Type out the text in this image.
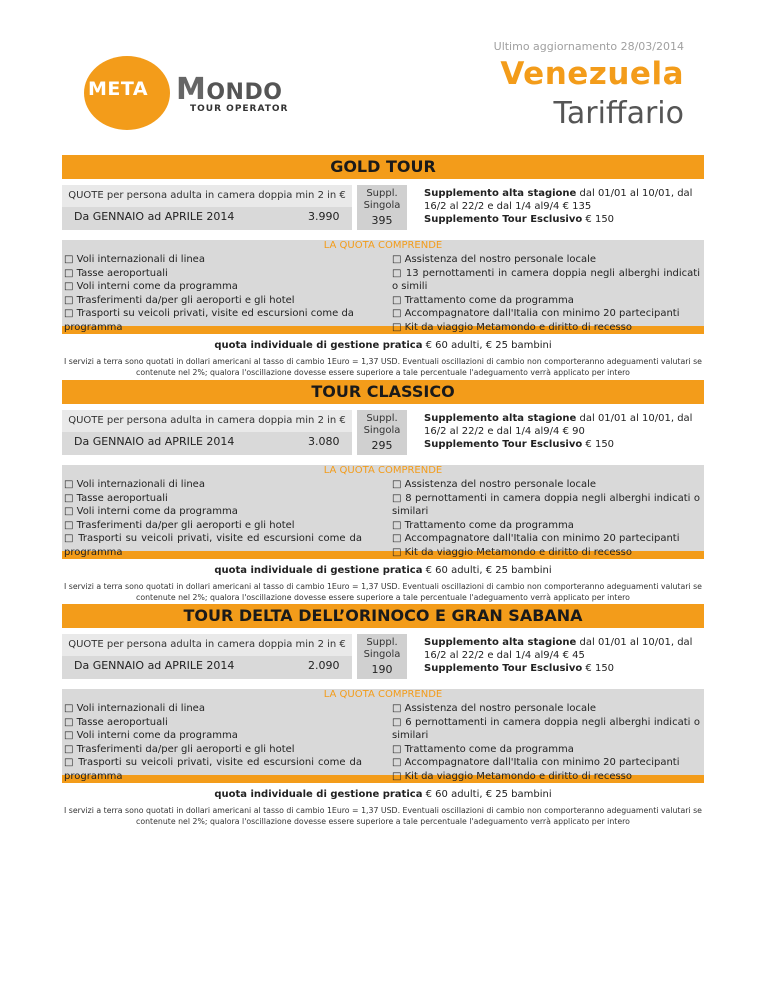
META MONDO
TOUR OPERATOR
Ultimo aggiornamento 28/03/2014
Venezuela
Tariffario
GOLD TOUR
QUOTE per persona adulta in camera doppia min 2 in €
Da GENNAIO ad APRILE 2014	3.990
Suppl. Singola
395
Supplemento alta stagione dal 01/01 al 10/01, dal 16/2 al 22/2 e dal 1/4 al9/4 € 135
Supplemento Tour Esclusivo € 150
LA QUOTA COMPRENDE

□ Voli internazionali di linea

□ Tasse aeroportuali

□ Voli interni come da programma

□ Trasferimenti da/per gli aeroporti e gli hotel

□ Trasporti su veicoli privati, visite ed escursioni come da programma

□ Assistenza del nostro personale locale

□ 13 pernottamenti in camera doppia negli alberghi indicati o simili

□ Trattamento come da programma

□ Accompagnatore dall'Italia con minimo 20 partecipanti

□ Kit da viaggio Metamondo e diritto di recesso

quota individuale di gestione pratica € 60 adulti, € 25 bambini
I servizi a terra sono quotati in dollari americani al tasso di cambio 1Euro = 1,37 USD. Eventuali oscillazioni di cambio non comporteranno adeguamenti valutari se contenute nel 2%; qualora l'oscillazione dovesse essere superiore a tale percentuale l'adeguamento verrà applicato per intero
TOUR CLASSICO
QUOTE per persona adulta in camera doppia min 2 in €
Da GENNAIO ad APRILE 2014	3.080
Suppl. Singola
295
Supplemento alta stagione dal 01/01 al 10/01, dal 16/2 al 22/2 e dal 1/4 al9/4 € 90
Supplemento Tour Esclusivo € 150
LA QUOTA COMPRENDE

□ Voli internazionali di linea

□ Tasse aeroportuali

□ Voli interni come da programma

□ Trasferimenti da/per gli aeroporti e gli hotel

□ Trasporti su veicoli privati, visite ed escursioni come da programma

□ Assistenza del nostro personale locale

□ 8 pernottamenti in camera doppia negli alberghi indicati o similari

□ Trattamento come da programma

□ Accompagnatore dall'Italia con minimo 20 partecipanti

□ Kit da viaggio Metamondo e diritto di recesso

quota individuale di gestione pratica € 60 adulti, € 25 bambini
I servizi a terra sono quotati in dollari americani al tasso di cambio 1Euro = 1,37 USD. Eventuali oscillazioni di cambio non comporteranno adeguamenti valutari se contenute nel 2%; qualora l'oscillazione dovesse essere superiore a tale percentuale l'adeguamento verrà applicato per intero
TOUR DELTA DELL’ORINOCO E GRAN SABANA
QUOTE per persona adulta in camera doppia min 2 in €
Da GENNAIO ad APRILE 2014	2.090
Suppl. Singola
190
Supplemento alta stagione dal 01/01 al 10/01, dal 16/2 al 22/2 e dal 1/4 al9/4 € 45
Supplemento Tour Esclusivo € 150
LA QUOTA COMPRENDE

□ Voli internazionali di linea

□ Tasse aeroportuali

□ Voli interni come da programma

□ Trasferimenti da/per gli aeroporti e gli hotel

□ Trasporti su veicoli privati, visite ed escursioni come da programma

□ Assistenza del nostro personale locale

□ 6 pernottamenti in camera doppia negli alberghi indicati o similari

□ Trattamento come da programma

□ Accompagnatore dall'Italia con minimo 20 partecipanti

□ Kit da viaggio Metamondo e diritto di recesso

quota individuale di gestione pratica € 60 adulti, € 25 bambini
I servizi a terra sono quotati in dollari americani al tasso di cambio 1Euro = 1,37 USD. Eventuali oscillazioni di cambio non comporteranno adeguamenti valutari se contenute nel 2%; qualora l'oscillazione dovesse essere superiore a tale percentuale l'adeguamento verrà applicato per intero
